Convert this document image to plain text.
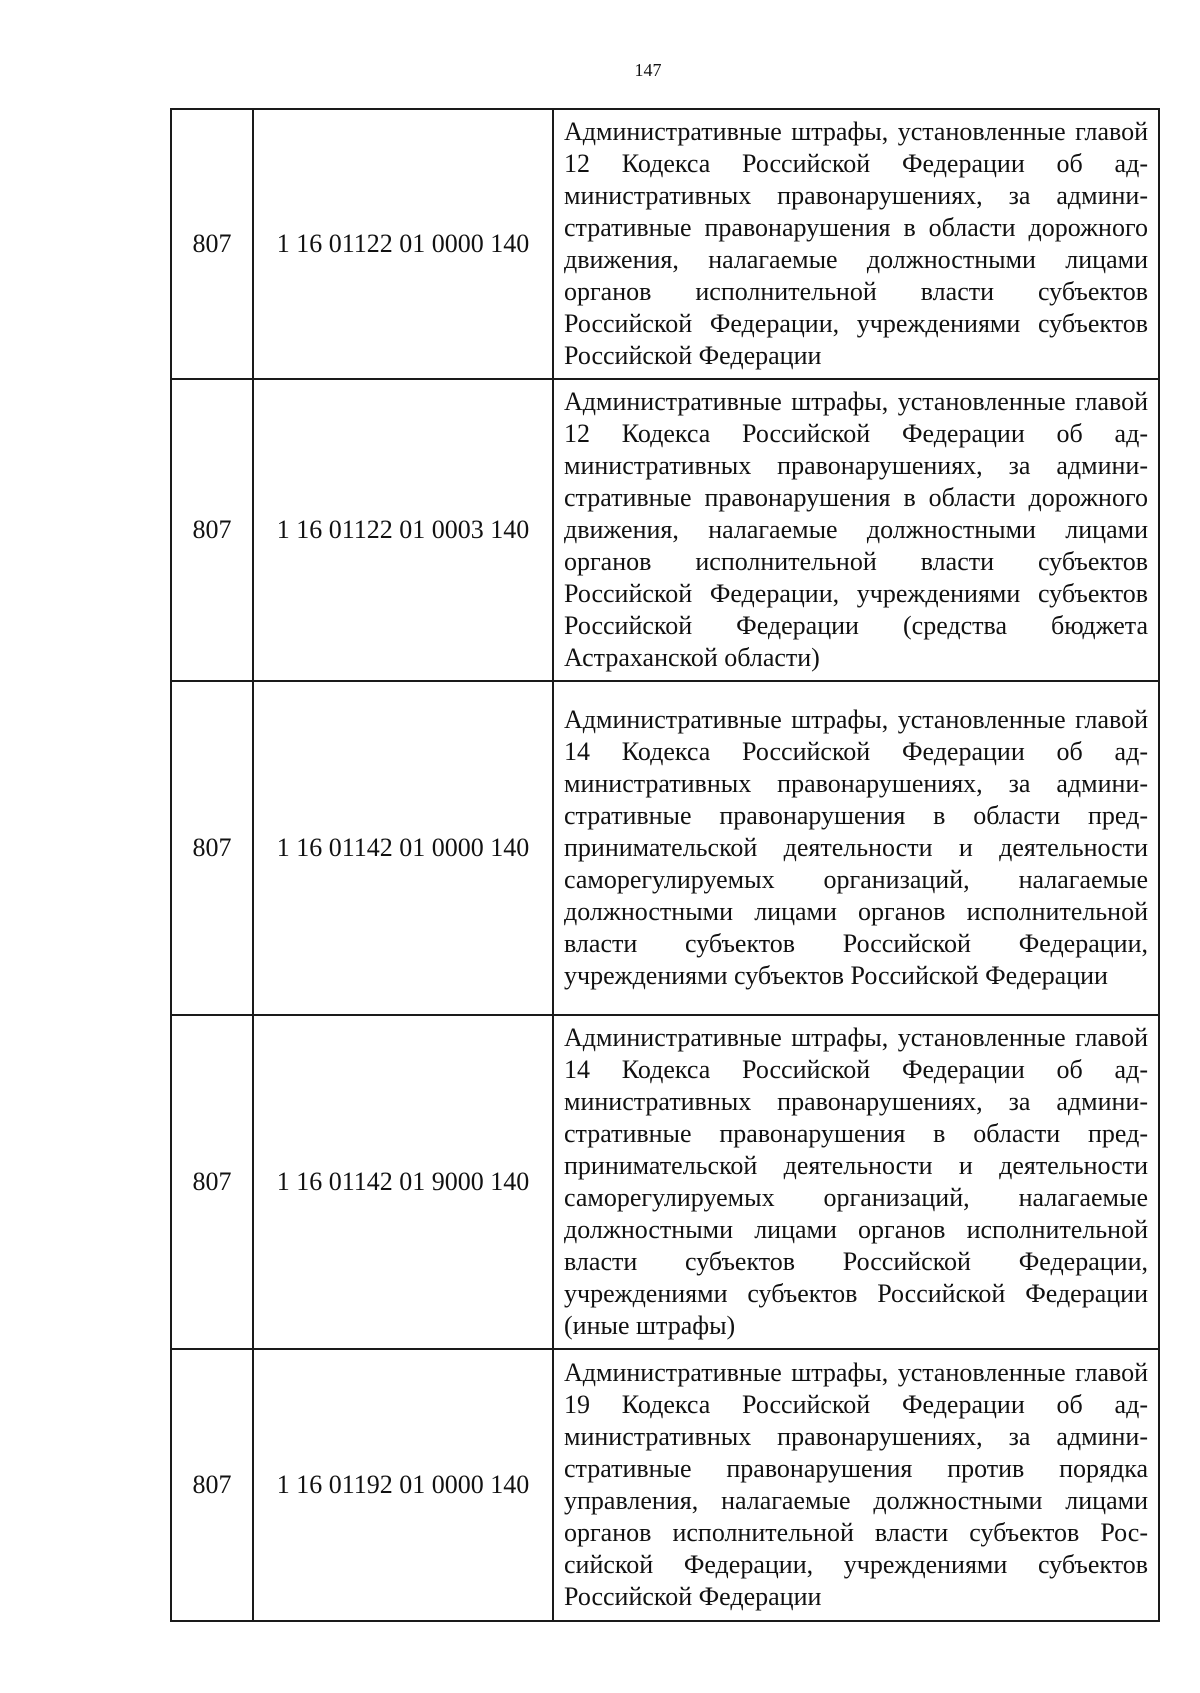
147
807	1 16 01122 01 0000 140	Административные штрафы, установленные главой 12 Кодекса Российской Федерации об административных правонарушениях, за административные правонарушения в области дорожного движения, налагаемые должностными лицами органов исполнительной власти субъектов Российской Федерации, учреждениями субъектов Российской Федерации
807	1 16 01122 01 0003 140	Административные штрафы, установленные главой 12 Кодекса Российской Федерации об административных правонарушениях, за административные правонарушения в области дорожного движения, налагаемые должностными лицами органов исполнительной власти субъектов Российской Федерации, учреждениями субъектов Российской Федерации (средства бюджета Астраханской области)
807	1 16 01142 01 0000 140	Административные штрафы, установленные главой 14 Кодекса Российской Федерации об административных правонарушениях, за административные правонарушения в области предпринимательской деятельности и деятельности саморегулируемых организаций, налагаемые должностными лицами органов исполнительной власти субъектов Российской Федерации, учреждениями субъектов Российской Федерации
807	1 16 01142 01 9000 140	Административные штрафы, установленные главой 14 Кодекса Российской Федерации об административных правонарушениях, за административные правонарушения в области предпринимательской деятельности и деятельности саморегулируемых организаций, налагаемые должностными лицами органов исполнительной власти субъектов Российской Федерации, учреждениями субъектов Российской Федерации (иные штрафы)
807	1 16 01192 01 0000 140	Административные штрафы, установленные главой 19 Кодекса Российской Федерации об административных правонарушениях, за административные правонарушения против порядка управления, налагаемые должностными лицами органов исполнительной власти субъектов Российской Федерации, учреждениями субъектов Российской Федерации
